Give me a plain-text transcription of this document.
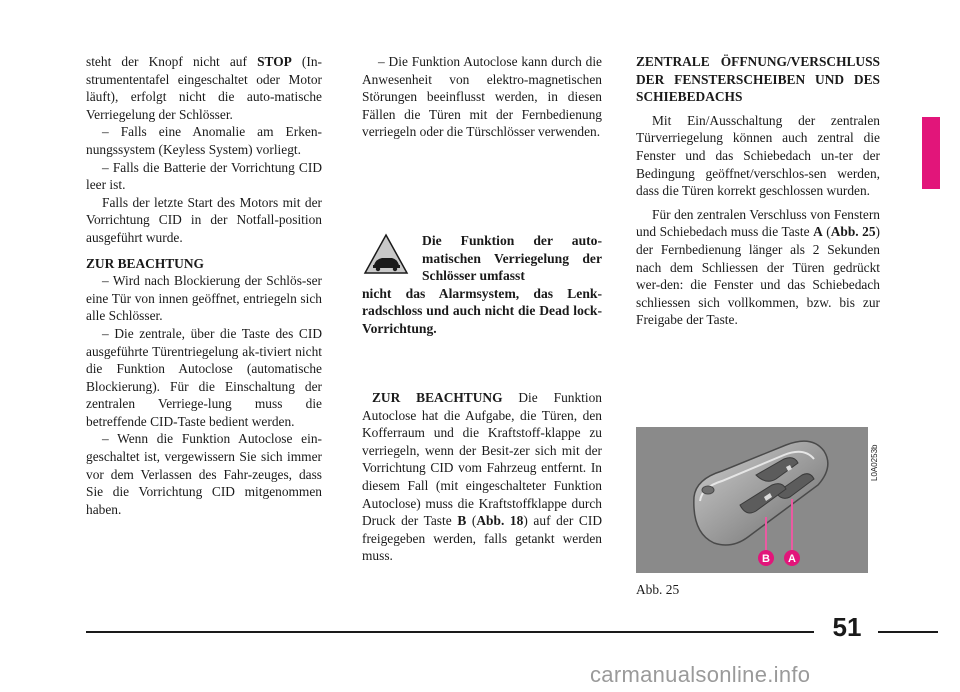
steht der Knopf nicht auf STOP (In-strumententafel eingeschaltet oder Motor läuft), erfolgt nicht die auto-matische Verriegelung der Schlösser.

– Falls eine Anomalie am Erken-nungssystem (Keyless System) vorliegt.

– Falls die Batterie der Vorrichtung CID leer ist.

Falls der letzte Start des Motors mit der Vorrichtung CID in der Notfall-position ausgeführt wurde.

ZUR BEACHTUNG

– Wird nach Blockierung der Schlös-ser eine Tür von innen geöffnet, entriegeln sich alle Schlösser.

– Die zentrale, über die Taste des CID ausgeführte Türentriegelung ak-tiviert nicht die Funktion Autoclose (automatische Blockierung). Für die Einschaltung der zentralen Verriege-lung muss die betreffende CID-Taste bedient werden.

– Wenn die Funktion Autoclose ein-geschaltet ist, vergewissern Sie sich immer vor dem Verlassen des Fahr-zeuges, dass Sie die Vorrichtung CID mitgenommen haben.

– Die Funktion Autoclose kann durch die Anwesenheit von elektro-magnetischen Störungen beeinflusst werden, in diesen Fällen die Türen mit der Fernbedienung verriegeln oder die Türschlösser verwenden.

Die Funktion der auto-matischen Verriegelung der Schlösser umfasst
nicht das Alarmsystem, das Lenk-radschloss und auch nicht die Dead lock-Vorrichtung.

ZUR BEACHTUNG Die Funktion Autoclose hat die Aufgabe, die Türen, den Kofferraum und die Kraftstoff-klappe zu verriegeln, wenn der Besit-zer sich mit der Vorrichtung CID vom Fahrzeug entfernt. In diesem Fall (mit eingeschalteter Funktion Autoclose) muss die Kraftstoffklappe durch Druck der Taste B (Abb. 18) auf der CID freigegeben werden, falls getankt werden muss.

ZENTRALE ÖFFNUNG/VERSCHLUSS DER FENSTERSCHEIBEN UND DES SCHIEBEDACHS

Mit Ein/Ausschaltung der zentralen Türverriegelung können auch zentral die Fenster und das Schiebedach un-ter der Bedingung geöffnet/verschlos-sen werden, dass die Türen korrekt geschlossen wurden.

Für den zentralen Verschluss von Fenstern und Schiebedach muss die Taste A (Abb. 25) der Fernbedienung länger als 2 Sekunden nach dem Schliessen der Türen gedrückt wer-den: die Fenster und das Schiebedach schliessen sich vollkommen, bzw. bis zur Freigabe der Taste.

B A
L0A0253b
Abb. 25
51
carmanualsonline.info
